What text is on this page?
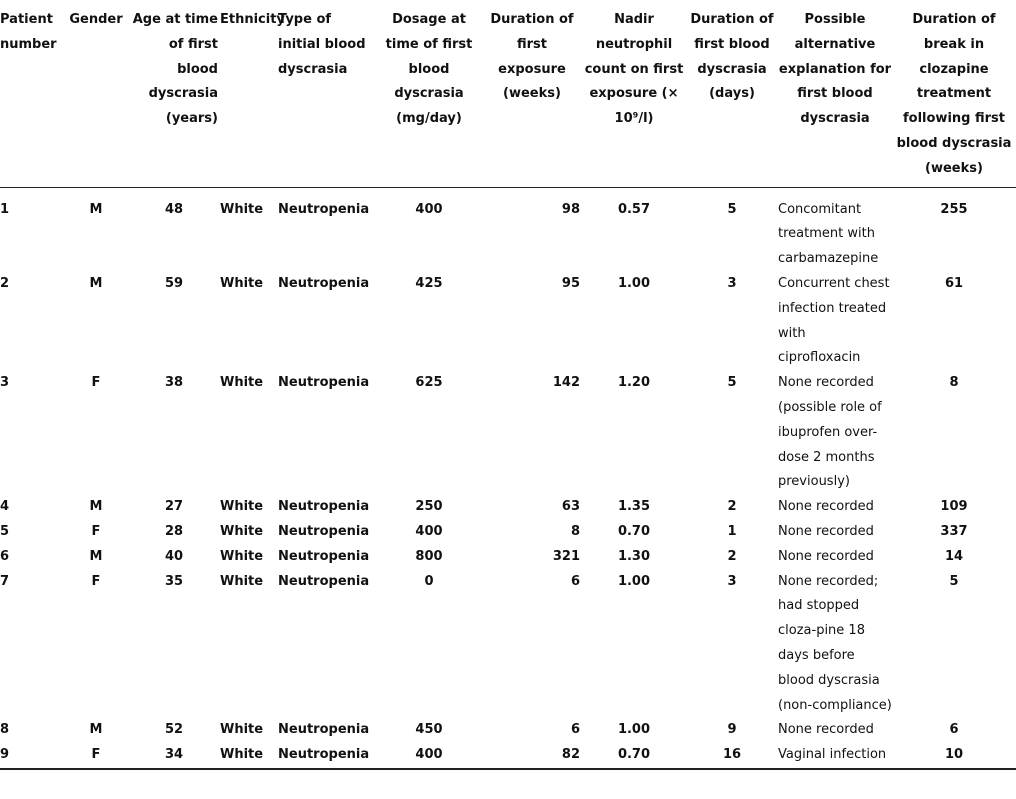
Patient number	Gender	Age at time of first blood dyscrasia (years)	Ethnicity	Type of initial blood dyscrasia	Dosage at time of first blood dyscrasia (mg/day)	Duration of first exposure (weeks)	Nadir neutrophil count on first exposure (× 10⁹/l)	Duration of first blood dyscrasia (days)	Possible alternative explanation for first blood dyscrasia	Duration of break in clozapine treatment following first blood dyscrasia (weeks)
1	M	48	White	Neutropenia	400	98	0.57	5	Concomitant treatment with carbamazepine	255
2	M	59	White	Neutropenia	425	95	1.00	3	Concurrent chest infection treated with ciprofloxacin	61
3	F	38	White	Neutropenia	625	142	1.20	5	None recorded (possible role of ibuprofen over-dose 2 months previously)	8
4	M	27	White	Neutropenia	250	63	1.35	2	None recorded	109
5	F	28	White	Neutropenia	400	8	0.70	1	None recorded	337
6	M	40	White	Neutropenia	800	321	1.30	2	None recorded	14
7	F	35	White	Neutropenia	0	6	1.00	3	None recorded; had stopped cloza-pine 18 days before blood dyscrasia (non-compliance)	5
8	M	52	White	Neutropenia	450	6	1.00	9	None recorded	6
9	F	34	White	Neutropenia	400	82	0.70	16	Vaginal infection	10
